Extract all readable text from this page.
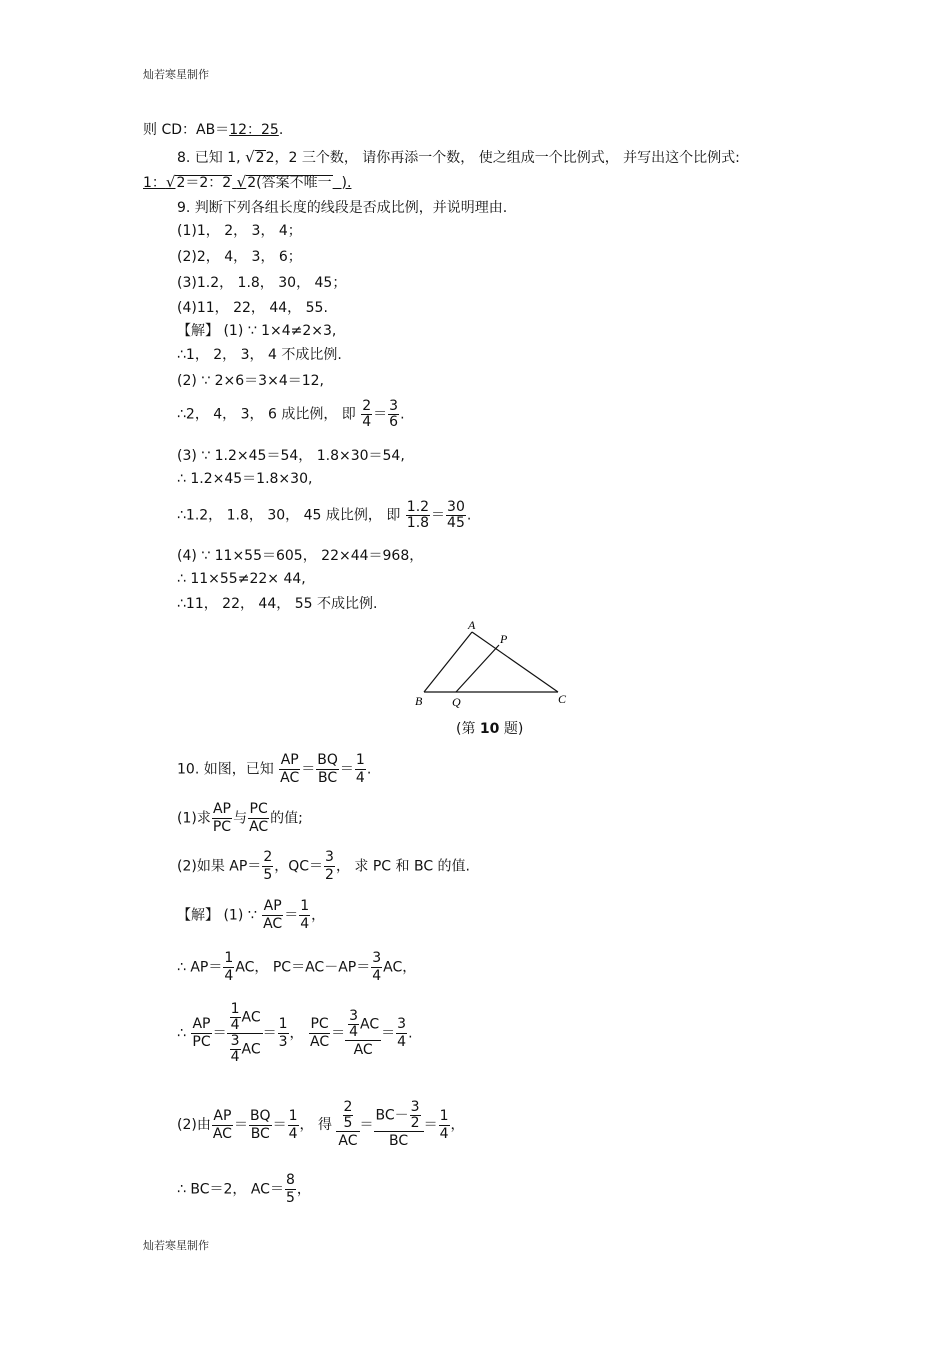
灿若寒星制作
灿若寒星制作
则 CD：AB＝12：25.
8. 已知 1, √22，2 三个数， 请你再添一个数， 使之组成一个比例式， 并写出这个比例式:
1：√2＝2：2 √2(答案不唯一 ).
9. 判断下列各组长度的线段是否成比例，并说明理由.
(1)1， 2， 3， 4；
(2)2， 4， 3， 6；
(3)1.2， 1.8， 30， 45；
(4)11， 22， 44， 55.
【解】 (1) ∵ 1×4≠2×3,
∴1， 2， 3， 4 不成比例.
(2) ∵ 2×6＝3×4＝12,
∴2， 4， 3， 6 成比例， 即 $\frac{2}{4} = \frac{3}{6}$ .
(3) ∵ 1.2×45＝54， 1.8×30＝54,
∴ 1.2×45＝1.8×30,
∴1.2， 1.8， 30， 45 成比例， 即 $\frac{1.2}{1.8} = \frac{30}{45}$ .
(4) ∵ 11×55＝605， 22×44＝968，
∴ 11×55≠22× 44,
∴11， 22， 44， 55 不成比例.
A
P
B Q	C
(第 10 题)
10. 如图，已知 $\frac{AP}{AC} = \frac{BQ}{BC} = \frac{1}{4}$ .
(1)求 $\frac{AP}{PC}$ 与 $\frac{PC}{AC}$ 的值;
(2)如果 $AP= \frac{2}{5}$ ，$QC= \frac{3}{2}$ ， 求 PC 和 BC 的值.
【解】 (1) ∵ $\frac{AP}{AC} = \frac{1}{4}$ ，
∴ $AP= \frac{1}{4}$ AC， $PC=AC-AP= \frac{3}{4}$ AC，
∴ $\frac{AP}{PC} = \frac{\frac{1}{4} AC}{\frac{3}{4} AC} = \frac{1}{3}$ ， $\frac{PC}{AC} = \frac{\frac{3}{4} AC}{AC} = \frac{3}{4}$ .
(2)由 $\frac{AP}{AC} = \frac{BQ}{BC} = \frac{1}{4}$ ， 得 $\frac{\frac{2}{5}}{AC} = \frac{BC- \frac{3}{2}}{BC} = \frac{1}{4}$ ，
∴ BC＝2， $AC= \frac{8}{5}$ ，
